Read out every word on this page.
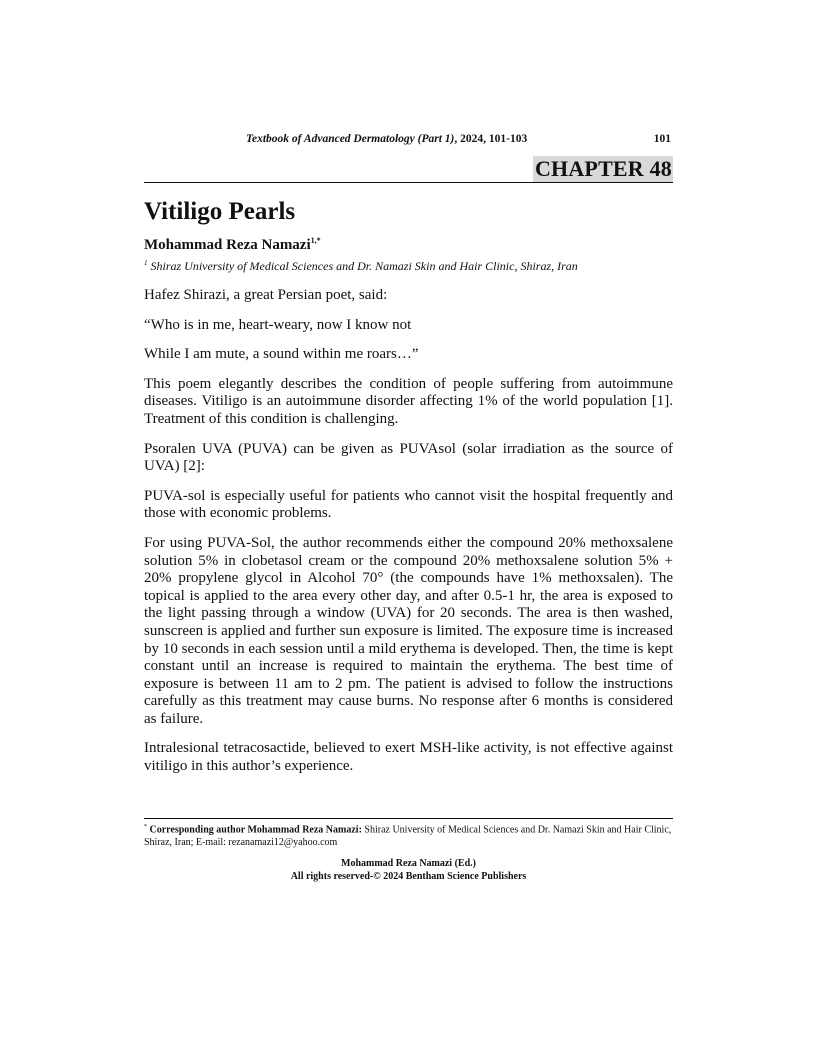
Textbook of Advanced Dermatology (Part 1), 2024, 101-103	101
CHAPTER 48
Vitiligo Pearls
Mohammad Reza Namazi$^{1,*}$
$^1$ Shiraz University of Medical Sciences and Dr. Namazi Skin and Hair Clinic, Shiraz, Iran

Hafez Shirazi, a great Persian poet, said:

“Who is in me, heart-weary, now I know not

While I am mute, a sound within me roars…”

This poem elegantly describes the condition of people suffering from autoimmune diseases. Vitiligo is an autoimmune disorder affecting 1% of the world population [1]. Treatment of this condition is challenging.

Psoralen UVA (PUVA) can be given as PUVAsol (solar irradiation as the source of UVA) [2]:

PUVA-sol is especially useful for patients who cannot visit the hospital frequently and those with economic problems.

For using PUVA-Sol, the author recommends either the compound 20% methoxsalene solution 5% in clobetasol cream or the compound 20% methoxsalene solution 5% + 20% propylene glycol in Alcohol 70° (the compounds have 1% methoxsalen). The topical is applied to the area every other day, and after 0.5-1 hr, the area is exposed to the light passing through a window (UVA) for 20 seconds. The area is then washed, sunscreen is applied and further sun exposure is limited. The exposure time is increased by 10 seconds in each session until a mild erythema is developed. Then, the time is kept constant until an increase is required to maintain the erythema. The best time of exposure is between 11 am to 2 pm. The patient is advised to follow the instructions carefully as this treatment may cause burns. No response after 6 months is considered as failure.

Intralesional tetracosactide, believed to exert MSH-like activity, is not effective against vitiligo in this author’s experience.

* Corresponding author Mohammad Reza Namazi: Shiraz University of Medical Sciences and Dr. Namazi Skin and Hair Clinic, Shiraz, Iran; E-mail: rezanamazi12@yahoo.com
Mohammad Reza Namazi (Ed.)
All rights reserved-© 2024 Bentham Science Publishers
